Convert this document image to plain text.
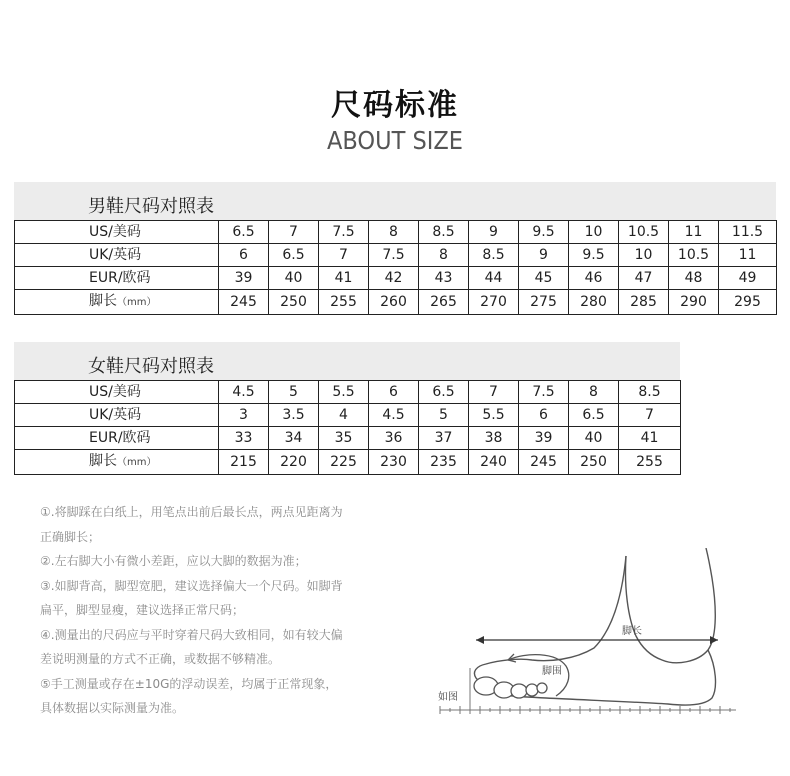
尺码标准
ABOUT SIZE
男鞋尺码对照表
US/美码	6.5	7	7.5	8	8.5	9	9.5	10	10.5	11	11.5
UK/英码	6	6.5	7	7.5	8	8.5	9	9.5	10	10.5	11
EUR/欧码	39	40	41	42	43	44	45	46	47	48	49
脚长（mm）	245	250	255	260	265	270	275	280	285	290	295
女鞋尺码对照表
US/美码	4.5	5	5.5	6	6.5	7	7.5	8	8.5
UK/英码	3	3.5	4	4.5	5	5.5	6	6.5	7
EUR/欧码	33	34	35	36	37	38	39	40	41
脚长（mm）	215	220	225	230	235	240	245	250	255

①.将脚踩在白纸上，用笔点出前后最长点，两点见距离为

正确脚长；

②.左右脚大小有微小差距，应以大脚的数据为准；

③.如脚背高，脚型宽肥，建议选择偏大一个尺码。如脚背

扁平，脚型显瘦，建议选择正常尺码；

④.测量出的尺码应与平时穿着尺码大致相同，如有较大偏

差说明测量的方式不正确，或数据不够精准。

⑤手工测量或存在±10G的浮动误差，均属于正常现象，

具体数据以实际测量为准。

脚长
脚围
如图
